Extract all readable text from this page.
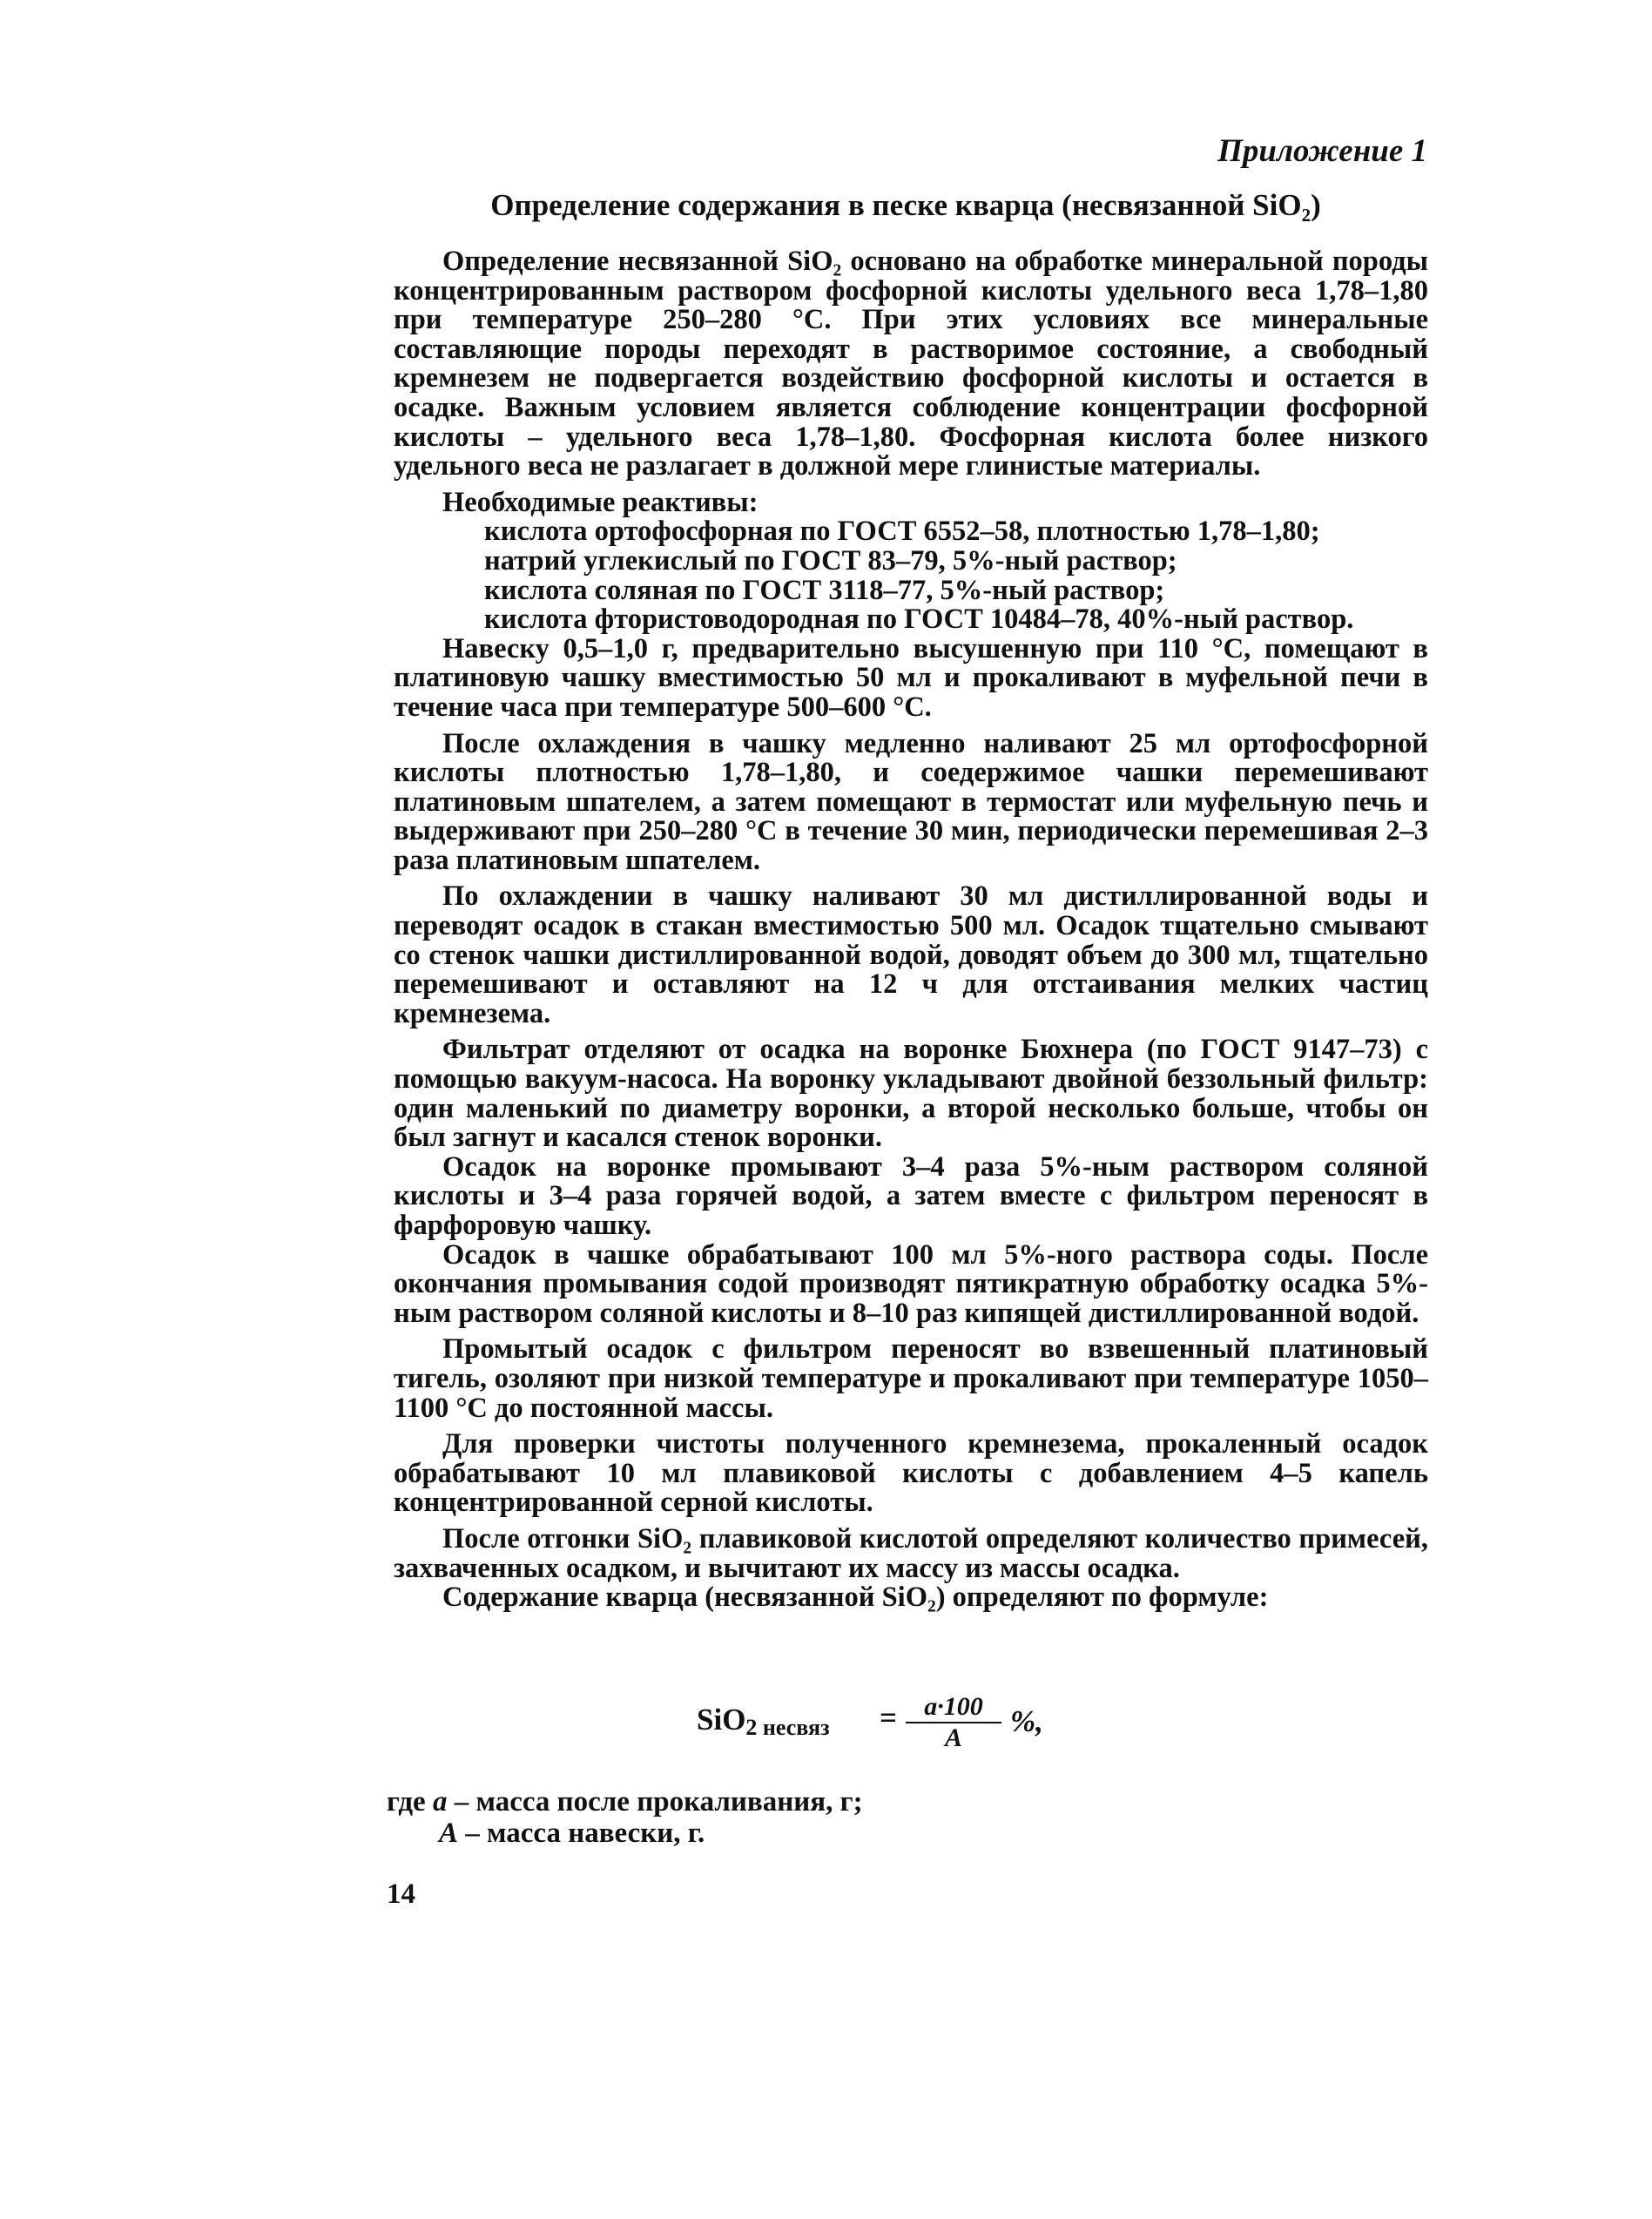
Приложение 1
Определение содержания в песке кварца (несвязанной SiO₂)

Определение несвязанной SiO₂ основано на обработке минеральной породы концентрированным раствором фосфорной кислоты удельного веса 1,78–1,80 при температуре 250–280 °С. При этих условиях все минеральные составляющие породы переходят в растворимое состояние, а свободный кремнезем не подвергается воздействию фосфорной кислоты и остается в осадке. Важным условием является соблюдение концентрации фосфорной кислоты – удельного веса 1,78–1,80. Фосфорная кислота более низкого удельного веса не разлагает в должной мере глинистые материалы.

Необходимые реактивы:

кислота ортофосфорная по ГОСТ 6552–58, плотностью 1,78–1,80;
натрий углекислый по ГОСТ 83–79, 5%-ный раствор;
кислота соляная по ГОСТ 3118–77, 5%-ный раствор;
кислота фтористоводородная по ГОСТ 10484–78, 40%-ный раствор.

Навеску 0,5–1,0 г, предварительно высушенную при 110 °С, помещают в платиновую чашку вместимостью 50 мл и прокаливают в муфельной печи в течение часа при температуре 500–600 °С.

После охлаждения в чашку медленно наливают 25 мл ортофосфорной кислоты плотностью 1,78–1,80, и соедержимое чашки перемешивают платиновым шпателем, а затем помещают в термостат или муфельную печь и выдерживают при 250–280 °С в течение 30 мин, периодически перемешивая 2–3 раза платиновым шпателем.

По охлаждении в чашку наливают 30 мл дистиллированной воды и переводят осадок в стакан вместимостью 500 мл. Осадок тщательно смывают со стенок чашки дистиллированной водой, доводят объем до 300 мл, тщательно перемешивают и оставляют на 12 ч для отстаивания мелких частиц кремнезема.

Фильтрат отделяют от осадка на воронке Бюхнера (по ГОСТ 9147–73) с помощью вакуум-насоса. На воронку укладывают двойной беззольный фильтр: один маленький по диаметру воронки, а второй несколько больше, чтобы он был загнут и касался стенок воронки.

Осадок на воронке промывают 3–4 раза 5%-ным раствором соляной кислоты и 3–4 раза горячей водой, а затем вместе с фильтром переносят в фарфоровую чашку.

Осадок в чашке обрабатывают 100 мл 5%-ного раствора соды. После окончания промывания содой производят пятикратную обработку осадка 5%-ным раствором соляной кислоты и 8–10 раз кипящей дистиллированной водой.

Промытый осадок с фильтром переносят во взвешенный платиновый тигель, озоляют при низкой температуре и прокаливают при температуре 1050–1100 °С до постоянной массы.

Для проверки чистоты полученного кремнезема, прокаленный осадок обрабатывают 10 мл плавиковой кислоты с добавлением 4–5 капель концентрированной серной кислоты.

После отгонки SiO₂ плавиковой кислотой определяют количество примесей, захваченных осадком, и вычитают их массу из массы осадка.

Содержание кварца (несвязанной SiO₂) определяют по формуле:

$SiO_{2 несвяз} = \frac{a\cdot 100}{A}$ %,
где a – масса после прокаливания, г;
A – масса навески, г.
14
